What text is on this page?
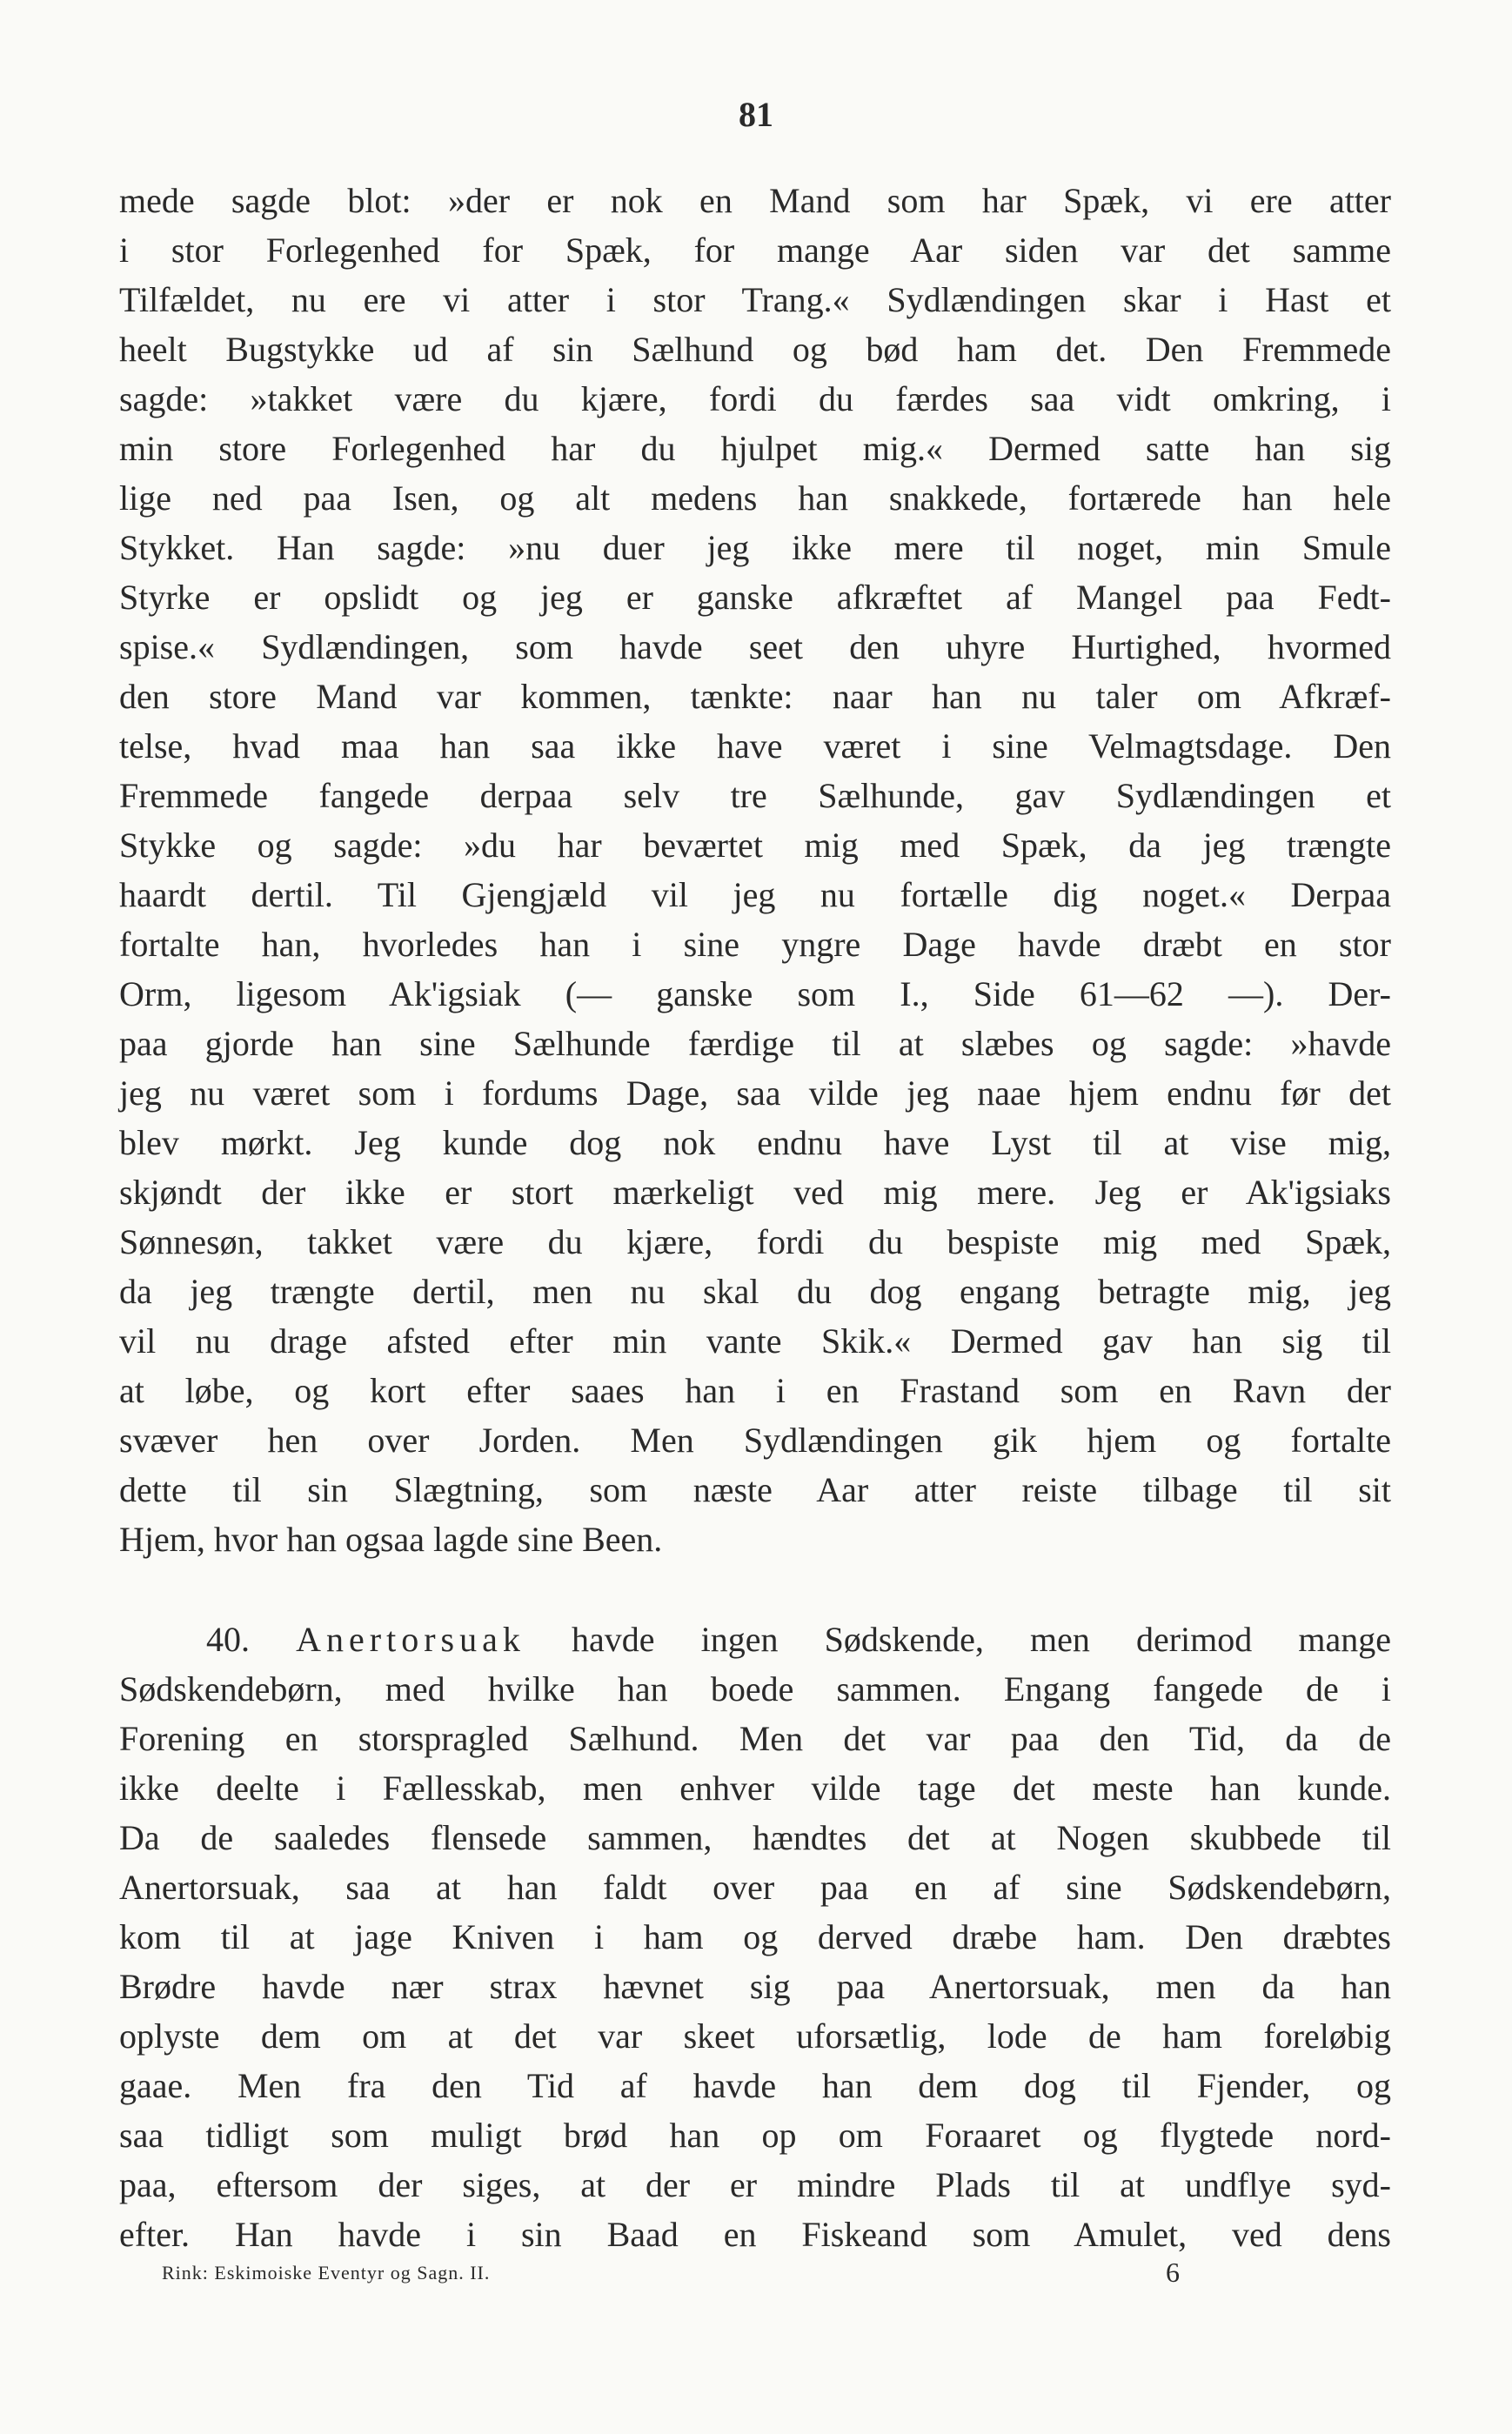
81
mede sagde blot: »der er nok en Mand som har Spæk, vi ere atter
i stor Forlegenhed for Spæk, for mange Aar siden var det samme
Tilfældet, nu ere vi atter i stor Trang.« Sydlændingen skar i Hast et
heelt Bugstykke ud af sin Sælhund og bød ham det. Den Fremmede
sagde: »takket være du kjære, fordi du færdes saa vidt omkring, i
min store Forlegenhed har du hjulpet mig.« Dermed satte han sig
lige ned paa Isen, og alt medens han snakkede, fortærede han hele
Stykket. Han sagde: »nu duer jeg ikke mere til noget, min Smule
Styrke er opslidt og jeg er ganske afkræftet af Mangel paa Fedt-
spise.« Sydlændingen, som havde seet den uhyre Hurtighed, hvormed
den store Mand var kommen, tænkte: naar han nu taler om Afkræf-
telse, hvad maa han saa ikke have været i sine Velmagtsdage. Den
Fremmede fangede derpaa selv tre Sælhunde, gav Sydlændingen et
Stykke og sagde: »du har beværtet mig med Spæk, da jeg trængte
haardt dertil. Til Gjengjæld vil jeg nu fortælle dig noget.« Derpaa
fortalte han, hvorledes han i sine yngre Dage havde dræbt en stor
Orm, ligesom Ak'igsiak (— ganske som I., Side 61—62 —). Der-
paa gjorde han sine Sælhunde færdige til at slæbes og sagde: »havde
jeg nu været som i fordums Dage, saa vilde jeg naae hjem endnu før det
blev mørkt. Jeg kunde dog nok endnu have Lyst til at vise mig,
skjøndt der ikke er stort mærkeligt ved mig mere. Jeg er Ak'igsiaks
Sønnesøn, takket være du kjære, fordi du bespiste mig med Spæk,
da jeg trængte dertil, men nu skal du dog engang betragte mig, jeg
vil nu drage afsted efter min vante Skik.« Dermed gav han sig til
at løbe, og kort efter saaes han i en Frastand som en Ravn der
svæver hen over Jorden. Men Sydlændingen gik hjem og fortalte
dette til sin Slægtning, som næste Aar atter reiste tilbage til sit
Hjem, hvor han ogsaa lagde sine Been.
40. Anertorsuak havde ingen Sødskende, men derimod mange
Sødskendebørn, med hvilke han boede sammen. Engang fangede de i
Forening en storspragled Sælhund. Men det var paa den Tid, da de
ikke deelte i Fællesskab, men enhver vilde tage det meste han kunde.
Da de saaledes flensede sammen, hændtes det at Nogen skubbede til
Anertorsuak, saa at han faldt over paa en af sine Sødskendebørn,
kom til at jage Kniven i ham og derved dræbe ham. Den dræbtes
Brødre havde nær strax hævnet sig paa Anertorsuak, men da han
oplyste dem om at det var skeet uforsætlig, lode de ham foreløbig
gaae. Men fra den Tid af havde han dem dog til Fjender, og
saa tidligt som muligt brød han op om Foraaret og flygtede nord-
paa, eftersom der siges, at der er mindre Plads til at undflye syd-
efter. Han havde i sin Baad en Fiskeand som Amulet, ved dens
Rink: Eskimoiske Eventyr og Sagn. II.	6
